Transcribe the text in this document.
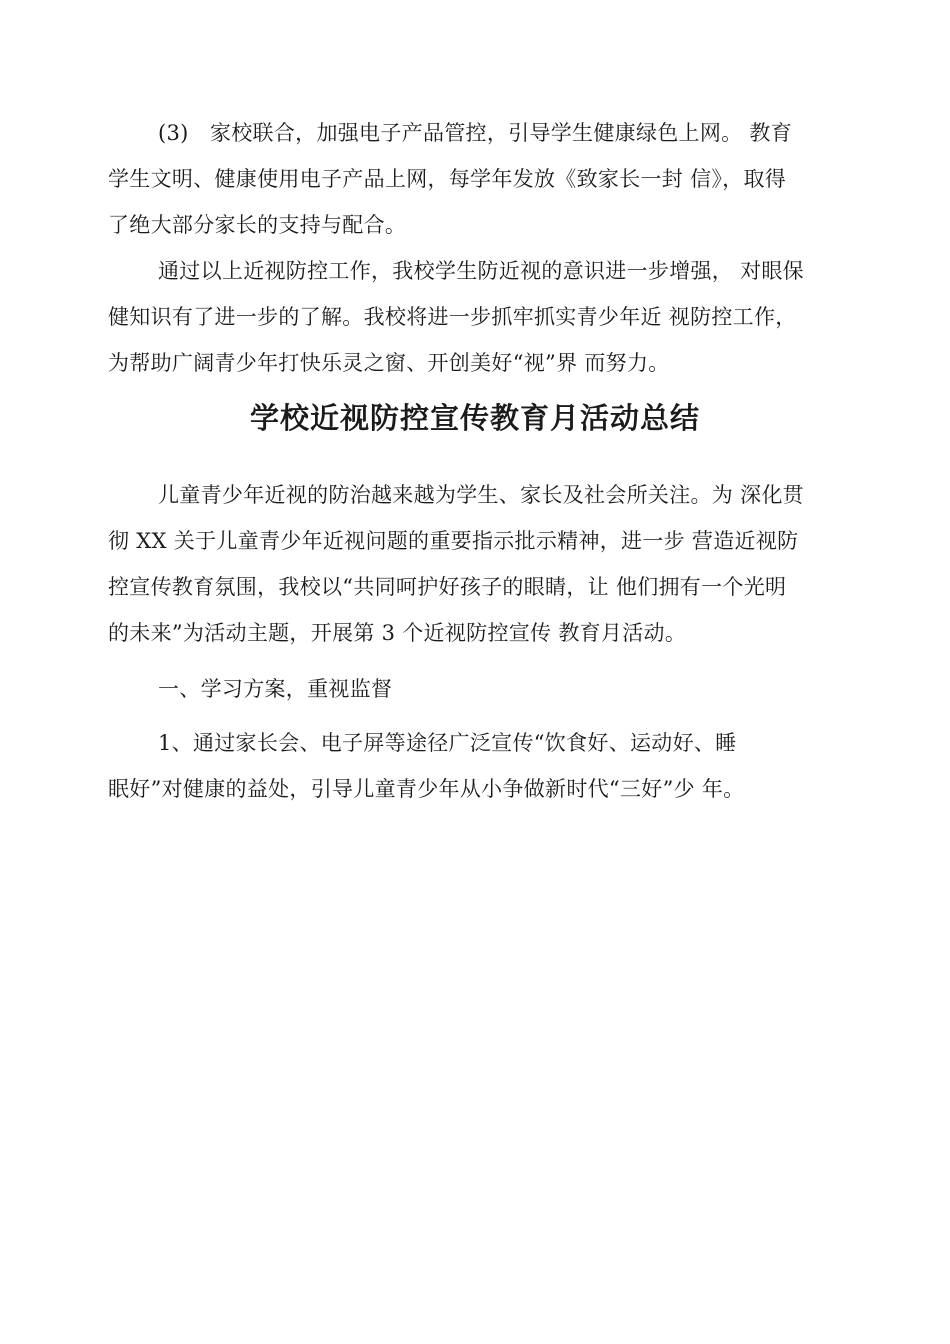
(3)　家校联合，加强电子产品管控，引导学生健康绿色上网。 教育
学生文明、健康使用电子产品上网，每学年发放《致家长一封 信》，取得
了绝大部分家长的支持与配合。

通过以上近视防控工作，我校学生防近视的意识进一步增强， 对眼保
健知识有了进一步的了解。我校将进一步抓牢抓实青少年近 视防控工作，
为帮助广阔青少年打快乐灵之窗、开创美好“视”界 而努力。

学校近视防控宣传教育月活动总结

儿童青少年近视的防治越来越为学生、家长及社会所关注。为 深化贯
彻 XX 关于儿童青少年近视问题的重要指示批示精神，进一步 营造近视防
控宣传教育氛围，我校以“共同呵护好孩子的眼睛，让 他们拥有一个光明
的未来”为活动主题，开展第 3 个近视防控宣传 教育月活动。

一、学习方案，重视监督

1、通过家长会、电子屏等途径广泛宣传“饮食好、运动好、睡
眠好”对健康的益处，引导儿童青少年从小争做新时代“三好”少 年。
